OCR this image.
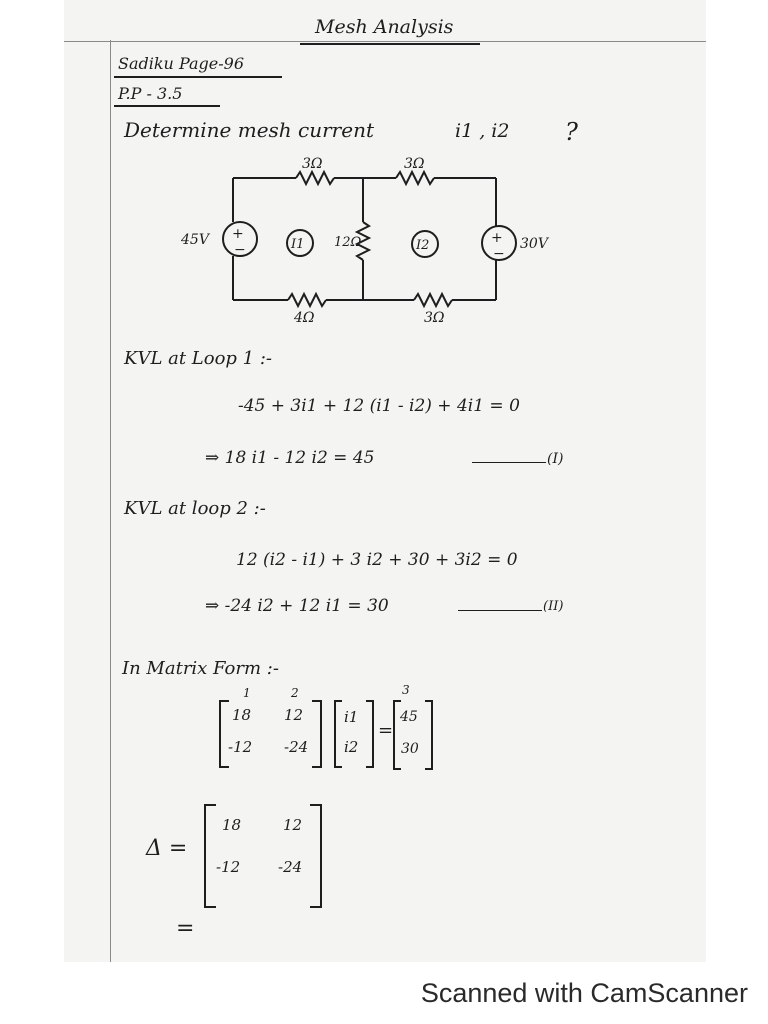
Mesh Analysis
Sadiku Page-96
P.P - 3.5
Determine mesh current	i1 , i2 ?
+
−
+
−
3Ω	3Ω
12Ω
4Ω	3Ω
45V	30V
I1	I2
KVL at Loop 1 :-
-45 + 3i1 + 12 (i1 - i2) + 4i1 = 0
⇒ 18 i1 - 12 i2 = 45	(I)
KVL at loop 2 :-
12 (i2 - i1) + 3 i2 + 30 + 3i2 = 0
⇒ -24 i2 + 12 i1 = 30	(II)
In Matrix Form :-
1	2	3
18 12
-12 -24
i1
i2
=
45
30
Δ =
18	12
-12	-24
=
Scanned with CamScanner
